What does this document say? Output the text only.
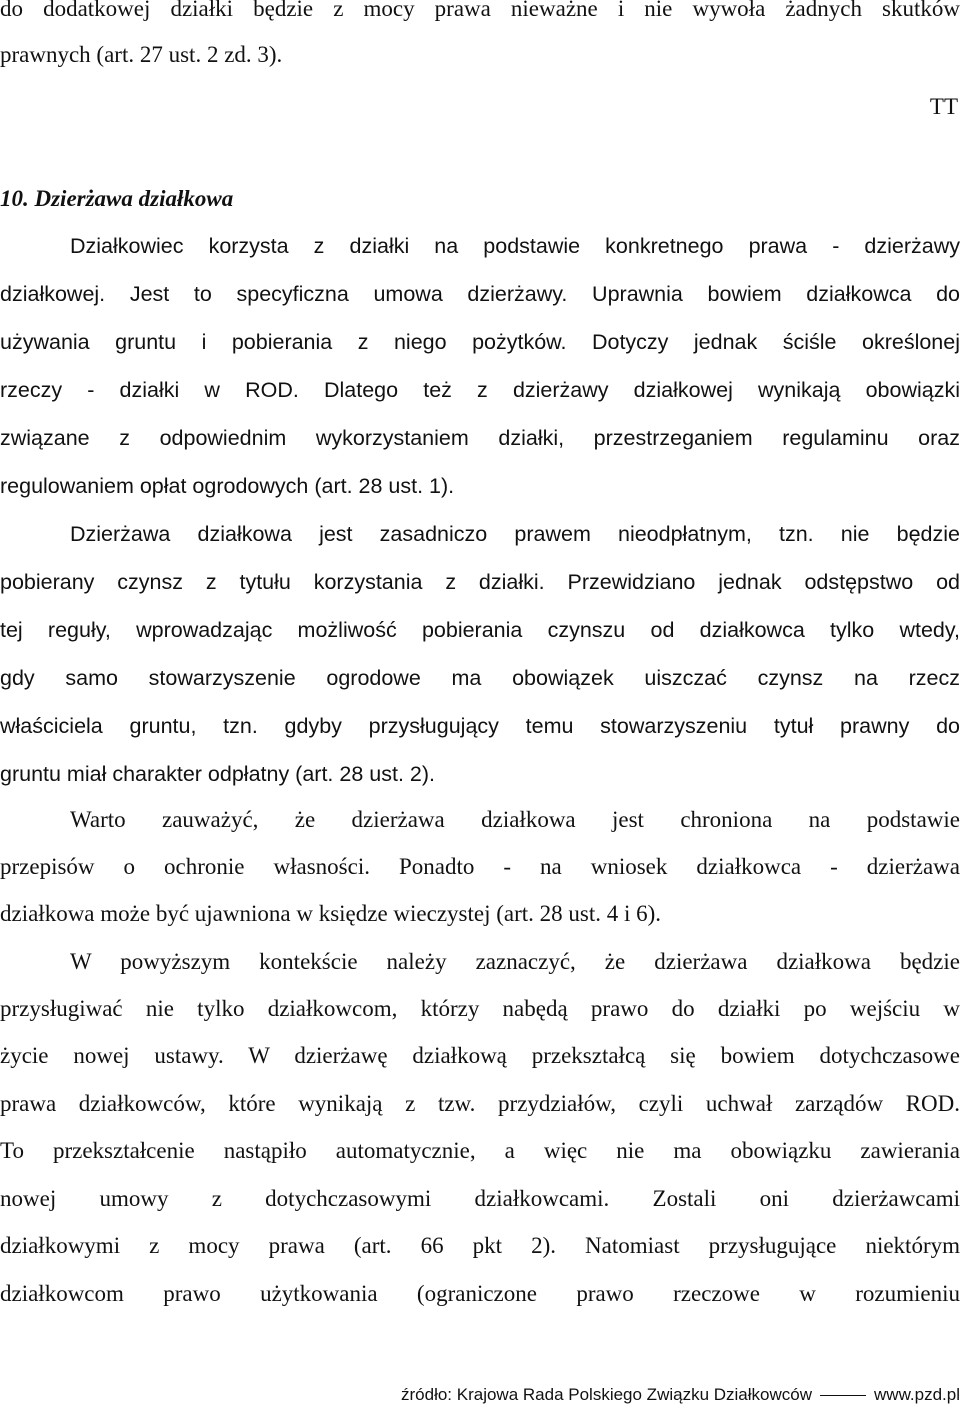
do dodatkowej działki będzie z mocy prawa nieważne i nie wywoła żadnych skutków

prawnych (art. 27 ust. 2 zd. 3).

TT

10. Dzierżawa działkowa

Działkowiec korzysta z działki na podstawie konkretnego prawa - dzierżawy

działkowej. Jest to specyficzna umowa dzierżawy. Uprawnia bowiem działkowca do

używania gruntu i pobierania z niego pożytków. Dotyczy jednak ściśle określonej

rzeczy - działki w ROD. Dlatego też z dzierżawy działkowej wynikają obowiązki

związane z odpowiednim wykorzystaniem działki, przestrzeganiem regulaminu oraz

regulowaniem opłat ogrodowych (art. 28 ust. 1).

Dzierżawa działkowa jest zasadniczo prawem nieodpłatnym, tzn. nie będzie

pobierany czynsz z tytułu korzystania z działki. Przewidziano jednak odstępstwo od

tej reguły, wprowadzając możliwość pobierania czynszu od działkowca tylko wtedy,

gdy samo stowarzyszenie ogrodowe ma obowiązek uiszczać czynsz na rzecz

właściciela gruntu, tzn. gdyby przysługujący temu stowarzyszeniu tytuł prawny do

gruntu miał charakter odpłatny (art. 28 ust. 2).

Warto zauważyć, że dzierżawa działkowa jest chroniona na podstawie

przepisów o ochronie własności. Ponadto - na wniosek działkowca - dzierżawa

działkowa może być ujawniona w księdze wieczystej (art. 28 ust. 4 i 6).

W powyższym kontekście należy zaznaczyć, że dzierżawa działkowa będzie

przysługiwać nie tylko działkowcom, którzy nabędą prawo do działki po wejściu w

życie nowej ustawy. W dzierżawę działkową przekształcą się bowiem dotychczasowe

prawa działkowców, które wynikają z tzw. przydziałów, czyli uchwał zarządów ROD.

To przekształcenie nastąpiło automatycznie, a więc nie ma obowiązku zawierania

nowej umowy z dotychczasowymi działkowcami. Zostali oni dzierżawcami

działkowymi z mocy prawa (art. 66 pkt 2). Natomiast przysługujące niektórym

działkowcom prawo użytkowania (ograniczone prawo rzeczowe w rozumieniu

źródło: Krajowa Rada Polskiego Związku Działkowców	www.pzd.pl
